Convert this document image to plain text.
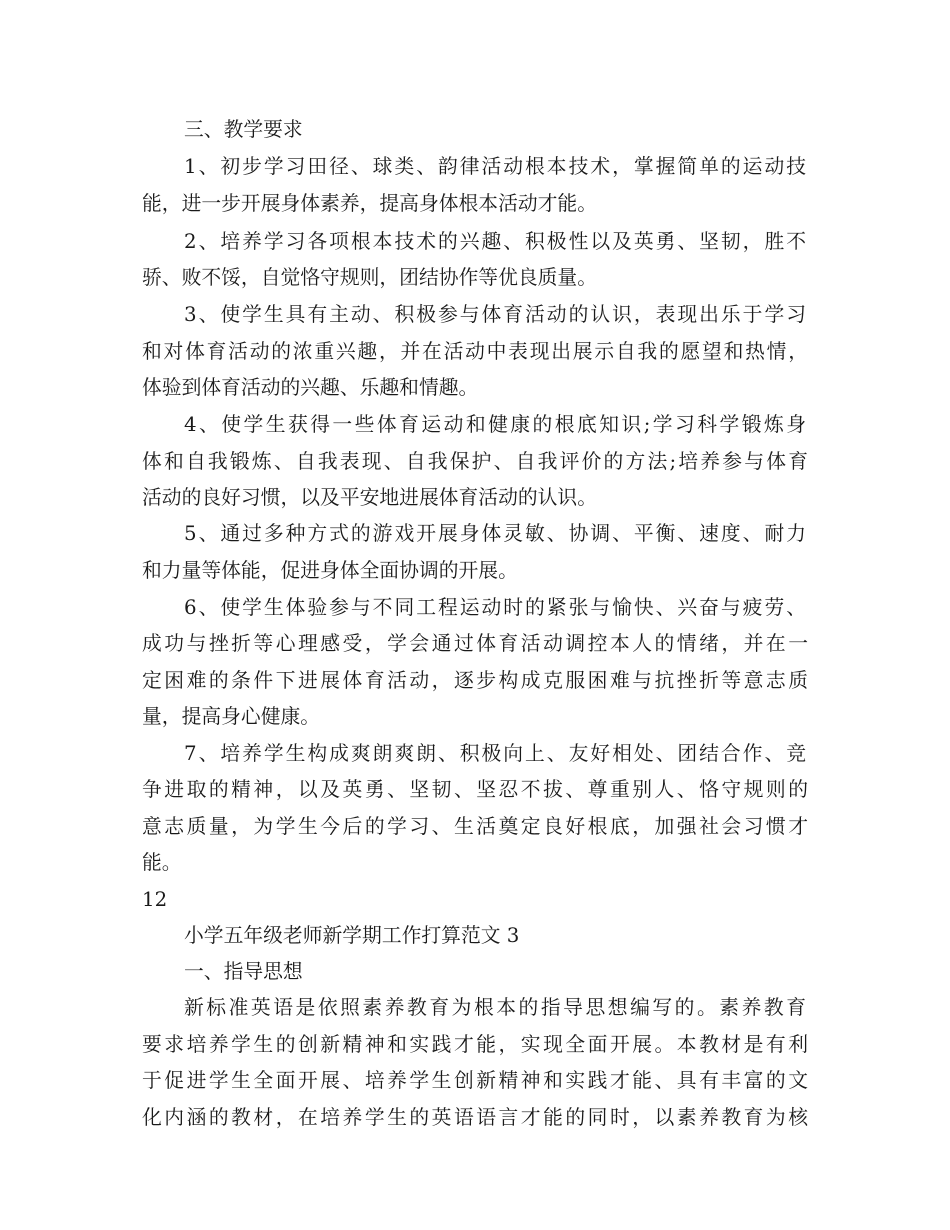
三、教学要求
1、初步学习田径、球类、韵律活动根本技术，掌握简单的运动技
能，进一步开展身体素养，提高身体根本活动才能。
2、培养学习各项根本技术的兴趣、积极性以及英勇、坚韧，胜不
骄、败不馁，自觉恪守规则，团结协作等优良质量。
3、使学生具有主动、积极参与体育活动的认识，表现出乐于学习
和对体育活动的浓重兴趣，并在活动中表现出展示自我的愿望和热情，
体验到体育活动的兴趣、乐趣和情趣。
4、使学生获得一些体育运动和健康的根底知识;学习科学锻炼身
体和自我锻炼、自我表现、自我保护、自我评价的方法;培养参与体育
活动的良好习惯，以及平安地进展体育活动的认识。
5、通过多种方式的游戏开展身体灵敏、协调、平衡、速度、耐力
和力量等体能，促进身体全面协调的开展。
6、使学生体验参与不同工程运动时的紧张与愉快、兴奋与疲劳、
成功与挫折等心理感受，学会通过体育活动调控本人的情绪，并在一
定困难的条件下进展体育活动，逐步构成克服困难与抗挫折等意志质
量，提高身心健康。
7、培养学生构成爽朗爽朗、积极向上、友好相处、团结合作、竞
争进取的精神，以及英勇、坚韧、坚忍不拔、尊重别人、恪守规则的
意志质量，为学生今后的学习、生活奠定良好根底，加强社会习惯才
能。
12
小学五年级老师新学期工作打算范文 3
一、指导思想
新标准英语是依照素养教育为根本的指导思想编写的。素养教育
要求培养学生的创新精神和实践才能，实现全面开展。本教材是有利
于促进学生全面开展、培养学生创新精神和实践才能、具有丰富的文
化内涵的教材，在培养学生的英语语言才能的同时，以素养教育为核
